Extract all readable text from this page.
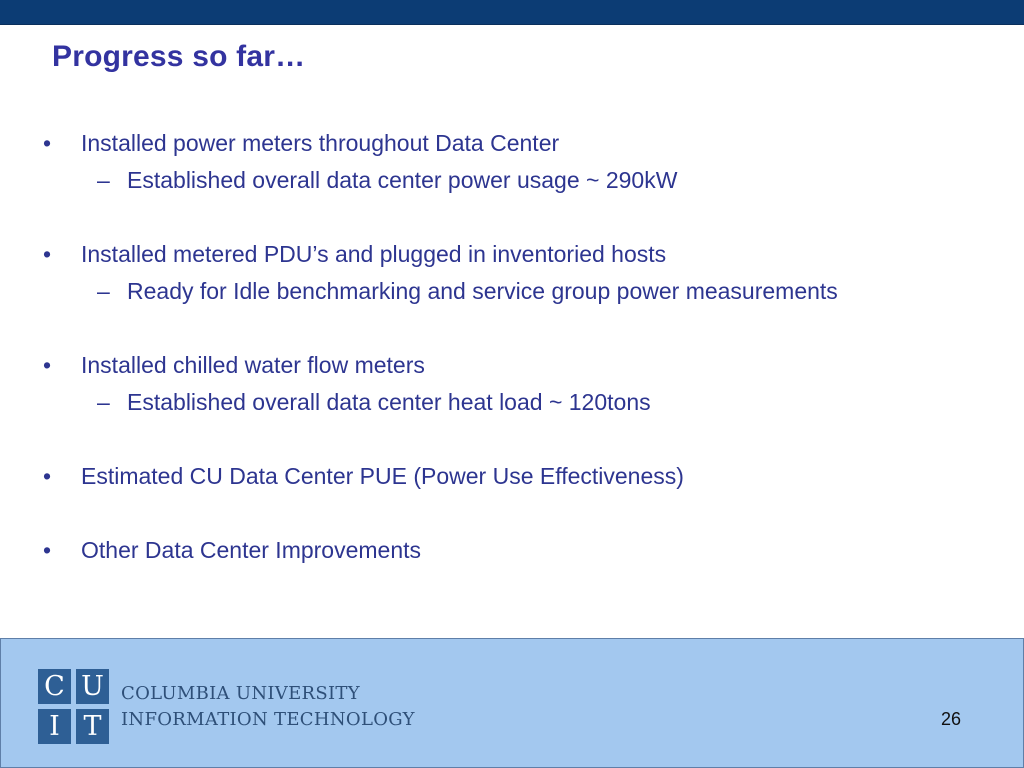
Progress so far…
• Installed power meters throughout Data Center
– Established overall data center power usage ~ 290kW
• Installed metered PDU’s and plugged in inventoried hosts
– Ready for Idle benchmarking and service group power measurements
• Installed chilled water flow meters
– Established overall data center heat load ~ 120tons
• Estimated CU Data Center PUE (Power Use Effectiveness)
• Other Data Center Improvements
C U
I T
COLUMBIA UNIVERSITY
INFORMATION TECHNOLOGY	26
